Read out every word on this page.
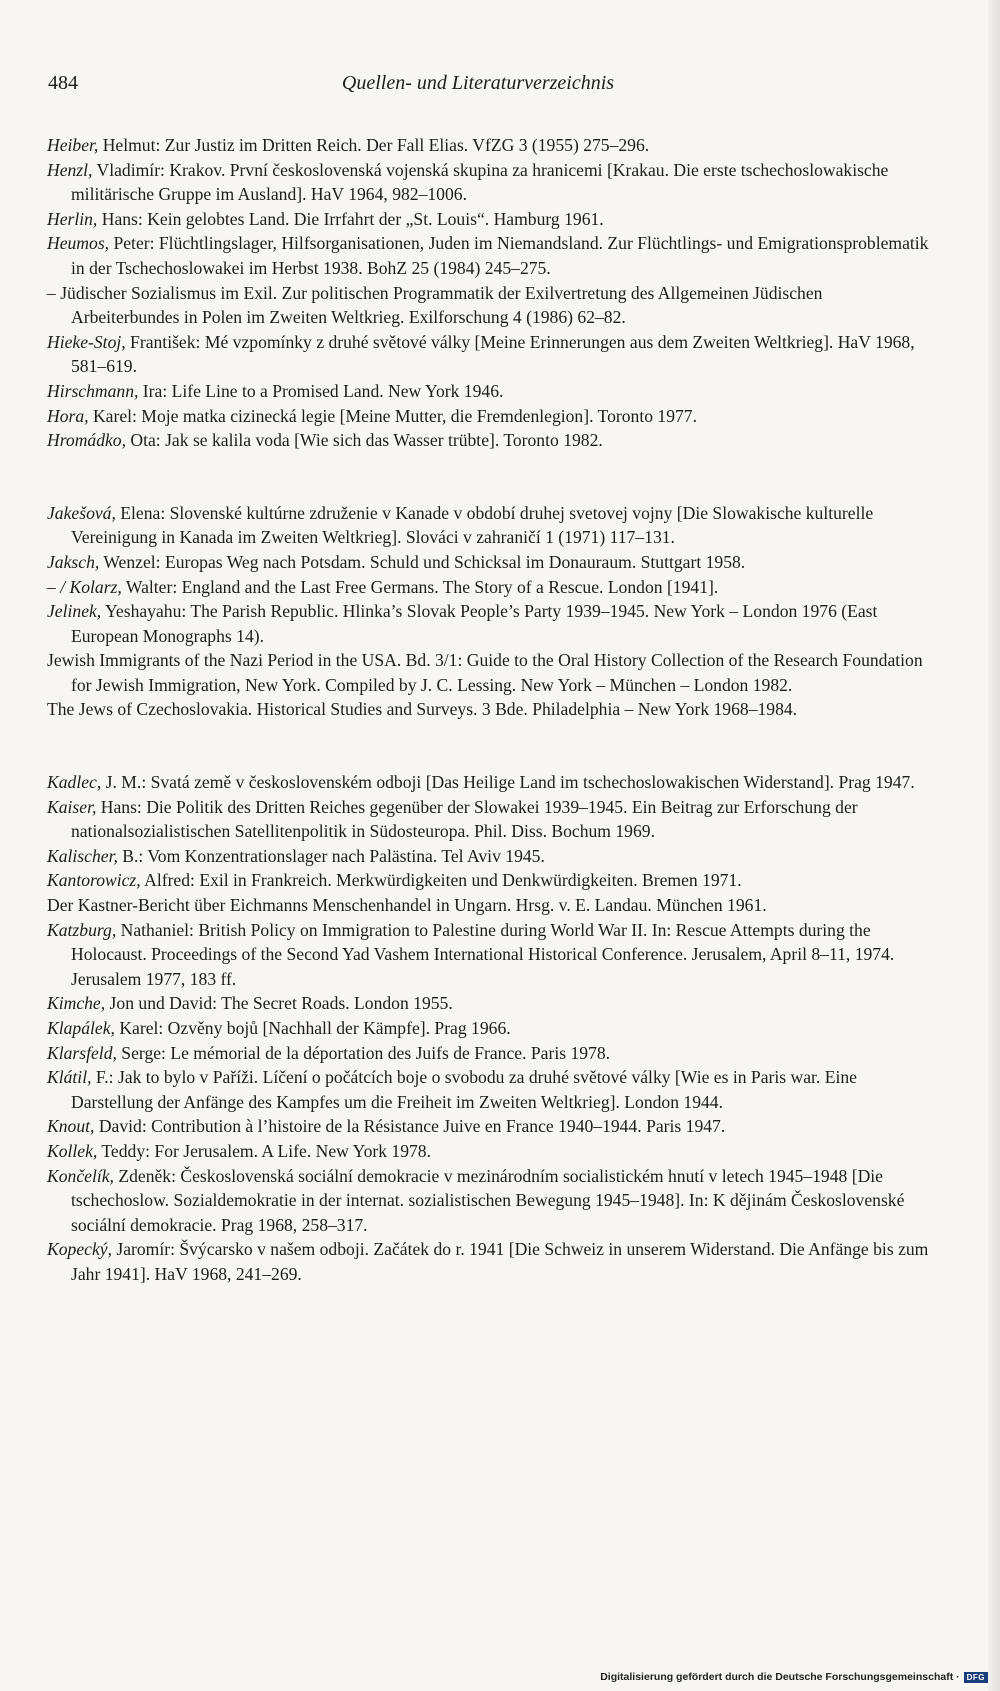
484	Quellen- und Literaturverzeichnis

Heiber, Helmut: Zur Justiz im Dritten Reich. Der Fall Elias. VfZG 3 (1955) 275–296.

Henzl, Vladimír: Krakov. První československá vojenská skupina za hranicemi [Krakau. Die erste tschechoslowakische militärische Gruppe im Ausland]. HaV 1964, 982–1006.

Herlin, Hans: Kein gelobtes Land. Die Irrfahrt der „St. Louis“. Hamburg 1961.

Heumos, Peter: Flüchtlingslager, Hilfsorganisationen, Juden im Niemandsland. Zur Flüchtlings- und Emigrationsproblematik in der Tschechoslowakei im Herbst 1938. BohZ 25 (1984) 245–275.

– Jüdischer Sozialismus im Exil. Zur politischen Programmatik der Exilvertretung des Allgemeinen Jüdischen Arbeiterbundes in Polen im Zweiten Weltkrieg. Exilforschung 4 (1986) 62–82.

Hieke-Stoj, František: Mé vzpomínky z druhé světové války [Meine Erinnerungen aus dem Zweiten Weltkrieg]. HaV 1968, 581–619.

Hirschmann, Ira: Life Line to a Promised Land. New York 1946.

Hora, Karel: Moje matka cizinecká legie [Meine Mutter, die Fremdenlegion]. Toronto 1977.

Hromádko, Ota: Jak se kalila voda [Wie sich das Wasser trübte]. Toronto 1982.

Jakešová, Elena: Slovenské kultúrne združenie v Kanade v období druhej svetovej vojny [Die Slowakische kulturelle Vereinigung in Kanada im Zweiten Weltkrieg]. Slováci v zahraničí 1 (1971) 117–131.

Jaksch, Wenzel: Europas Weg nach Potsdam. Schuld und Schicksal im Donauraum. Stuttgart 1958.

– / Kolarz, Walter: England and the Last Free Germans. The Story of a Rescue. London [1941].

Jelinek, Yeshayahu: The Parish Republic. Hlinka’s Slovak People’s Party 1939–1945. New York – London 1976 (East European Monographs 14).

Jewish Immigrants of the Nazi Period in the USA. Bd. 3/1: Guide to the Oral History Collection of the Research Foundation for Jewish Immigration, New York. Compiled by J. C. Lessing. New York – München – London 1982.

The Jews of Czechoslovakia. Historical Studies and Surveys. 3 Bde. Philadelphia – New York 1968–1984.

Kadlec, J. M.: Svatá země v československém odboji [Das Heilige Land im tschechoslowakischen Widerstand]. Prag 1947.

Kaiser, Hans: Die Politik des Dritten Reiches gegenüber der Slowakei 1939–1945. Ein Beitrag zur Erforschung der nationalsozialistischen Satellitenpolitik in Südosteuropa. Phil. Diss. Bochum 1969.

Kalischer, B.: Vom Konzentrationslager nach Palästina. Tel Aviv 1945.

Kantorowicz, Alfred: Exil in Frankreich. Merkwürdigkeiten und Denkwürdigkeiten. Bremen 1971.

Der Kastner-Bericht über Eichmanns Menschenhandel in Ungarn. Hrsg. v. E. Landau. München 1961.

Katzburg, Nathaniel: British Policy on Immigration to Palestine during World War II. In: Rescue Attempts during the Holocaust. Proceedings of the Second Yad Vashem International Historical Conference. Jerusalem, April 8–11, 1974. Jerusalem 1977, 183 ff.

Kimche, Jon und David: The Secret Roads. London 1955.

Klapálek, Karel: Ozvěny bojů [Nachhall der Kämpfe]. Prag 1966.

Klarsfeld, Serge: Le mémorial de la déportation des Juifs de France. Paris 1978.

Klátil, F.: Jak to bylo v Paříži. Líčení o počátcích boje o svobodu za druhé světové války [Wie es in Paris war. Eine Darstellung der Anfänge des Kampfes um die Freiheit im Zweiten Weltkrieg]. London 1944.

Knout, David: Contribution à l’histoire de la Résistance Juive en France 1940–1944. Paris 1947.

Kollek, Teddy: For Jerusalem. A Life. New York 1978.

Končelík, Zdeněk: Československá sociální demokracie v mezinárodním socialistickém hnutí v letech 1945–1948 [Die tschechoslow. Sozialdemokratie in der internat. sozialistischen Bewegung 1945–1948]. In: K dějinám Československé sociální demokracie. Prag 1968, 258–317.

Kopecký, Jaromír: Švýcarsko v našem odboji. Začátek do r. 1941 [Die Schweiz in unserem Widerstand. Die Anfänge bis zum Jahr 1941]. HaV 1968, 241–269.

Digitalisierung gefördert durch die Deutsche Forschungsgemeinschaft · DFG
